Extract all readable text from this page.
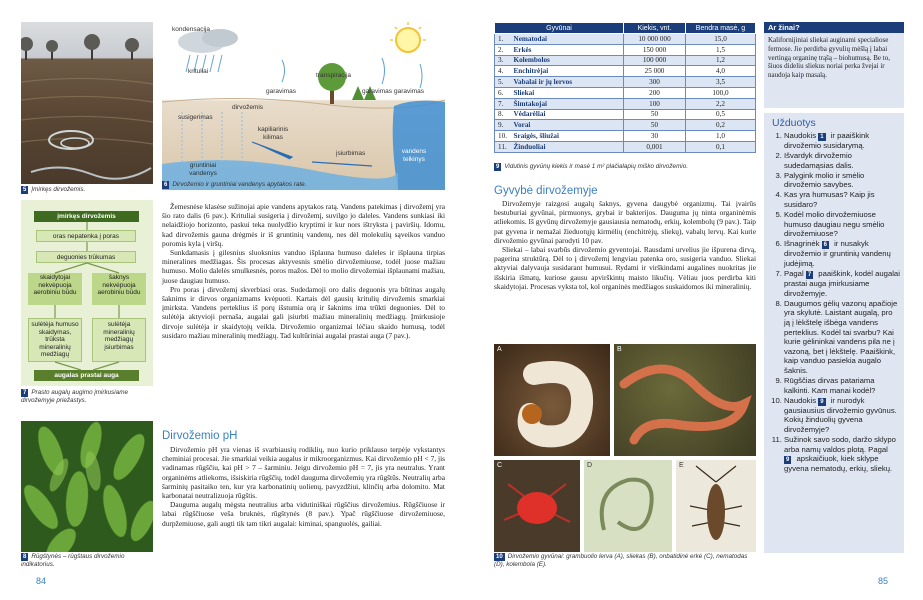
5 Įmirkęs dirvožemis.
kondensacija
krituliai
transpiracija
garavimas	garavimas garavimas
susigerimas
dirvožemis
kapiliarinis kilimas
įsiurbimas	vandens telkinys
gruntiniai vandenys
6 Dirvožemio ir gruntiniai vandenys apytakos rate.
įmirkęs dirvožemis
oras nepatenka į poras
deguonies trūkumas
skaidytojai nekvėpuoja aerobiniu būdu
šaknys nekvėpuoja aerobiniu būdu
sulėtėja humuso skaidymas, trūksta mineralinių medžiagų
sulėtėja mineralinių medžiagų įsiurbimas
augalas prastai auga
7 Prasto augalų augimo įmirkusiame dirvožemyje priežastys.
8 Rūgštynės – rūgštaus dirvožemio indikatorius.

Žemesnėse klasėse sužinojai apie vandens apytakos ratą. Vandens patekimas į dirvožemį yra šio rato dalis (6 pav.). Krituliai susigeria į dirvožemį, suvilgo jo daleles. Vandens sunkiasi iki nelaidžiojo horizonto, paskui teka nuolydžio kryptimi ir kur nors ištryksta į paviršių. Idomu, kad dirvožemis gauna drėgmės ir iš gruntinių vandenų, nes dėl molekulių sąveikos vanduo poromis kyla į viršų.

Sunkdamasis į gilesnius sluoksnius vanduo išplauna humuso daleles ir išplauna tirpias mineralines medžiagas. Šis procesas aktyvesnis smėlio dirvožemiuose, todėl juose mažiau humuso. Molio dalelės smulkesnės, poros mažos. Dėl to molio dirvožemiai išplaunami mažiau, juose daugiau humuso.

Pro poras į dirvožemį skverbiasi oras. Sudedamoji oro dalis deguonis yra būtinas augalų šaknims ir dirvos organizmams kvėpuoti. Kartais dėl gausių kritulių dirvožemis smarkiai įmirksta. Vandens perteklius iš porų išstumia orą ir šaknims ima trūkti deguonies. Dėl to sulėtėja aktyvioji pernaša, augalai gali įsiurbti mažiau mineralinių medžiagų. Įmirkusioje dirvoje sulėtėja ir skaidytojų veikla. Dirvožemio organizmai lėčiau skaido humusą, todėl susidaro mažiau mineralinių medžiagų. Tad kultūriniai augalai prastai auga (7 pav.).

Dirvožemio pH

Dirvožemio pH yra vienas iš svarbiausių rodiklių, nuo kurio priklauso terpėje vykstantys cheminiai procesai. Jie smarkiai veikia augalus ir mikroorganizmus. Kai dirvožemio pH < 7, jis vadinamas rūgščiu, kai pH > 7 – šarminiu. Jeigu dirvožemio pH = 7, jis yra neutralus. Yrant organinėms atliekoms, išsiskiria rūgščių, todėl dauguma dirvožemių yra rūgštūs. Neutralių arba šarminių pasitaiko ten, kur yra karbonatinių uolienų, pavyzdžiui, klinčių arba dolomito. Mat karbonatai neutralizuoja rūgštis.

Dauguma augalų mėgsta neutralius arba vidutiniškai rūgščius dirvožemius. Rūgščiuose ir labai rūgščiuose veša bruknės, rūgštynės (8 pav.). Ypač rūgščiuose dirvožemiuose, durpžemiuose, gali augti tik tam tikri augalai: kiminai, spanguolės, gailiai.

84
Gyvūnai		Kiekis, vnt.	Bendra masė, g
1.	Nematodai	10 000 000	15,0
2.	Erkės	150 000	1,5
3.	Kolembolos	100 000	1,2
4.	Enchitrėjai	25 000	4,0
5.	Vabalai ir jų lervos	300	3,5
6.	Sliekai	200	100,0
7.	Šimtakojai	100	2,2
8.	Vėdarėliai	50	0,5
9.	Vorai	50	0,2
10.	Sraigės, šliužai	30	1,0
11.	Žinduoliai	0,001	0,1
9 Vidutinis gyvūnų kiekis ir masė 1 m² plačialapių miško dirvožemio.
Gyvybė dirvožemyje

Dirvožemyje raizgosi augalų šaknys, gyvena daugybė organizmų. Tai įvairūs bestuburiai gyvūnai, pirmuonys, grybai ir bakterijos. Dauguma jų ninta organinėmis atliekomis. Iš gyvūnų dirvožemyje gausiausia nematodų, erkių, kolembolų (9 pav.). Taip pat gyvena ir nemažai žieduotųjų kirmėlių (enchitrėjų, sliekų), vabalų lervų. Kai kurie dirvožemio gyvūnai parodyti 10 pav.

Sliekai – labai svarbūs dirvožemio gyventojai. Rausdami urvelius jie išpurena dirvą, pagerina struktūrą. Dėl to į dirvožemį lengviau patenka oro, susigeria vanduo. Sliekai aktyviai dalyvauja susidarant humusui. Rydami ir virškindami augalines nuokritas jie išskiria išmatų, kuriose gausu apvirškintų maisto likučių. Vėliau juos perdirba kiti skaidytojai. Procesas vyksta tol, kol organinės medžiagos suskaidomos iki mineralinių.

A	B
C	D	E
10 Dirvožemio gyvūnai: grambuolio lerva (A), sliekas (B), onbatidinė erkė (C), nematodas (D), kolembola (E).
Ar žinai?
Kalifornijiniai sliekai auginami specialiose fermose. Jie perdirba gyvulių mėšlą į labai vertingą organinę trąšą – biohumusą. Be to, šiuos dideliu sliekus noriai perka žvejai ir naudoja kaip masalą.
Užduotys
1. Naudokis 1 ir paaiškink dirvožemio susidarymą.
2. Išvardyk dirvožemio sudedamąsias dalis.
3. Palygink molio ir smėlio dirvožemio savybes.
4. Kas yra humusas? Kaip jis susidaro?
5. Kodėl molio dirvožemiuose humuso daugiau negu smėlio dirvožemiuose?
6. Išnagrinėk 6 ir nusakyk dirvožemio ir gruntinių vandenų judėjimą.
7. Pagal 7 paaiškink, kodėl augalai prastai auga įmirkusiame dirvožemyje.
8. Daugumos gėlių vazonų apačioje yra skylutė. Laistant augalą, pro ją į lėkštelę išbėga vandens perteklius. Kodėl tai svarbu? Kai kurie gėlininkai vandens pila ne į vazoną, bet į lėkštelę. Paaiškink, kaip vanduo pasiekia augalo šaknis.
9. Rūgščias dirvas patariama kalkinti. Kam manai kodėl?
10. Naudokis 9 ir nurodyk gausiausius dirvožemio gyvūnus. Kokių žinduolių gyvena dirvožemyje?
11. Sužinok savo sodo, daržo sklypo arba namų valdos plotą. Pagal 9 apskaičiuok, kiek sklype gyvena nematodų, erkių, sliekų.
85
